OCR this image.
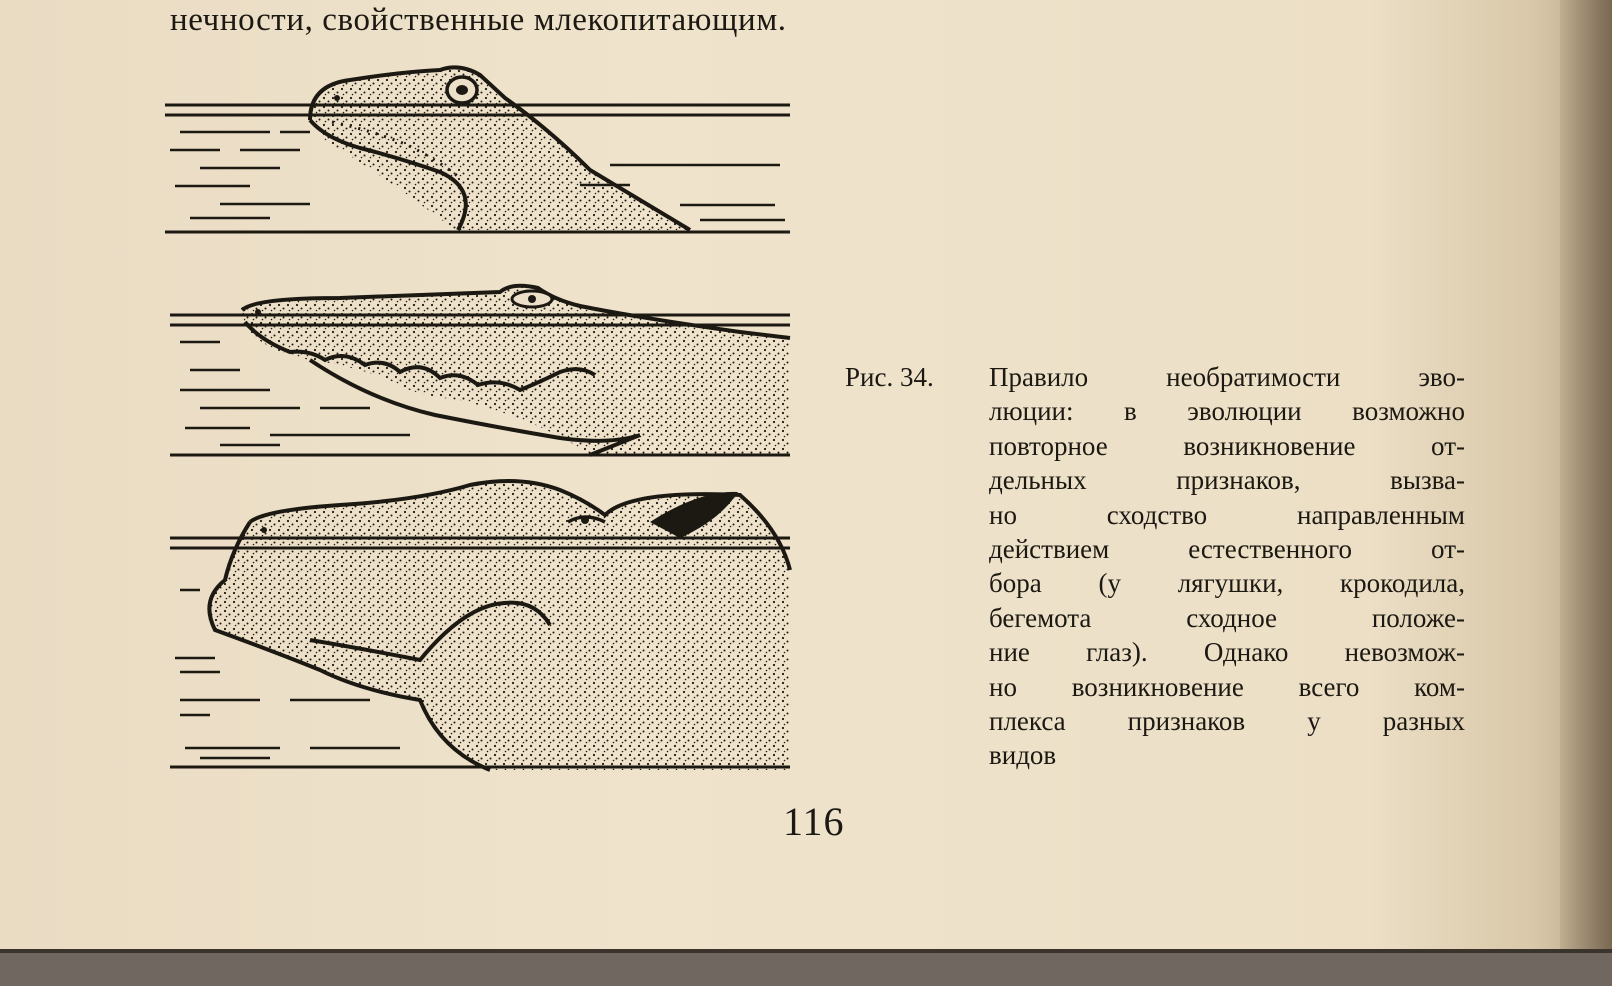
нечности, свойственные млекопитающим.
Рис. 34.	Правило необратимости эво-
люции: в эволюции возможно
повторное возникновение от-
дельных признаков, вызва-
но сходство направленным
действием естественного от-
бора (у лягушки, крокодила,
бегемота сходное положе-
ние глаз). Однако невозмож-
но возникновение всего ком-
плекса признаков у разных
видов
116
